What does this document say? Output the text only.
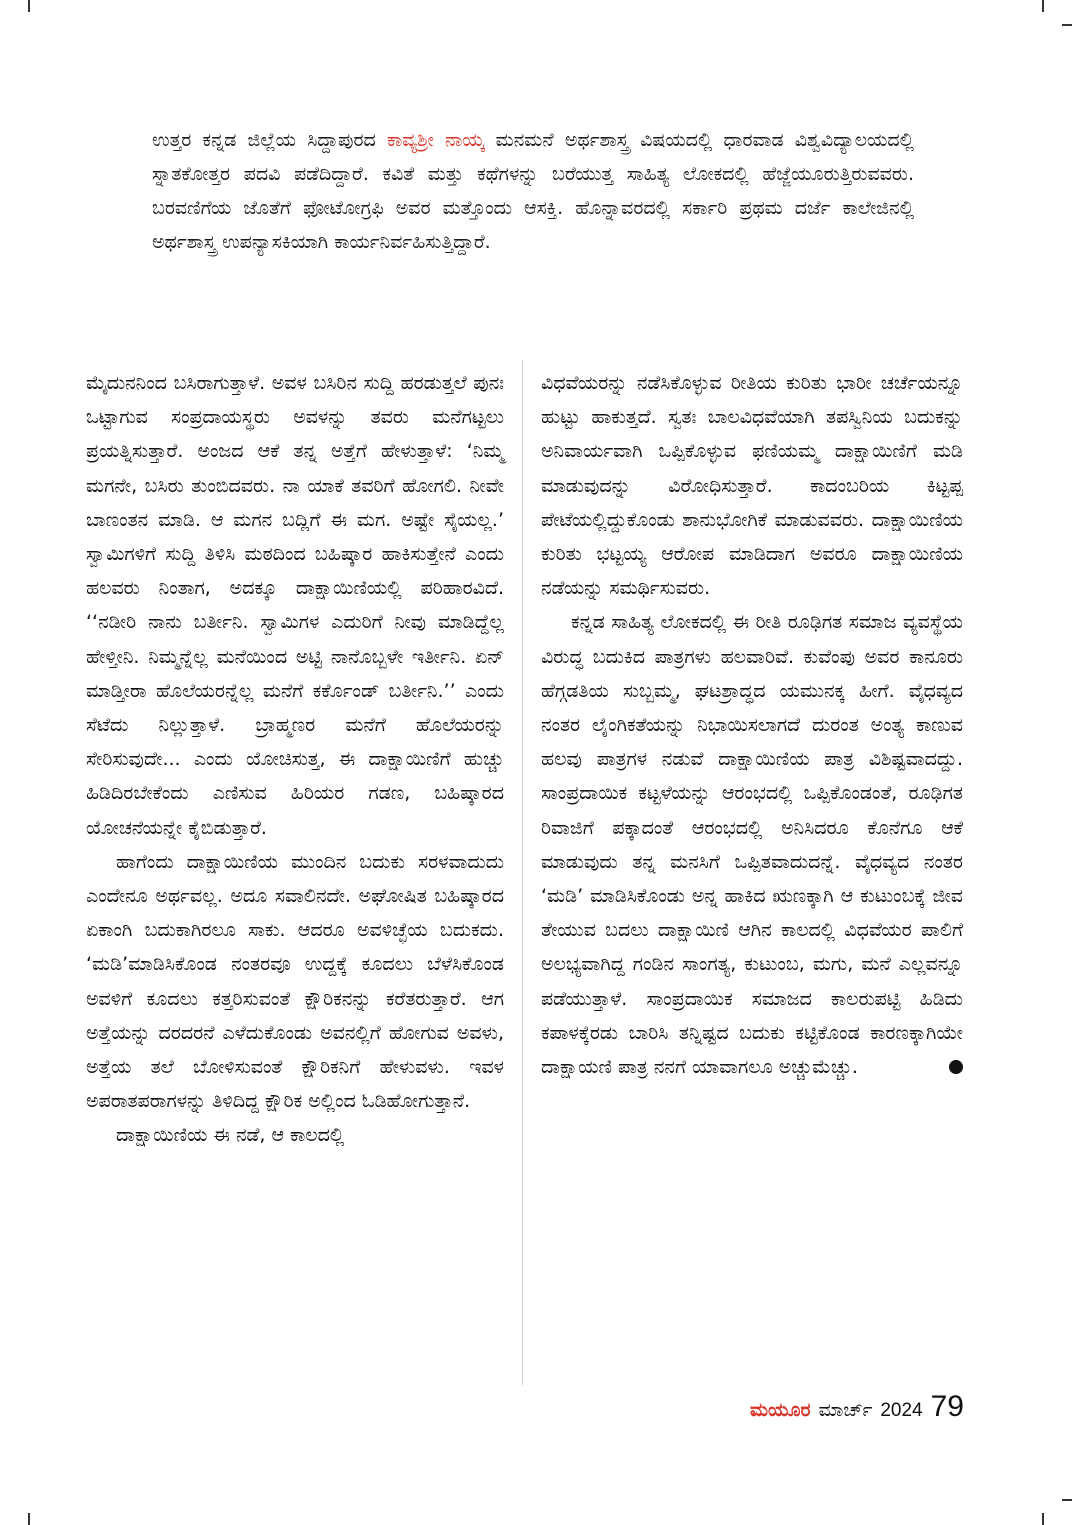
ಉತ್ತರ ಕನ್ನಡ ಜಿಲ್ಲೆಯ ಸಿದ್ದಾಪುರದ ಕಾವ್ಯಶ್ರೀ ನಾಯ್ಕ ಮನಮನೆ ಅರ್ಥಶಾಸ್ತ್ರ ವಿಷಯದಲ್ಲಿ ಧಾರವಾಡ ವಿಶ್ವವಿದ್ಯಾಲಯದಲ್ಲಿ ಸ್ನಾತಕೋತ್ತರ ಪದವಿ ಪಡೆದಿದ್ದಾರೆ. ಕವಿತೆ ಮತ್ತು ಕಥೆಗಳನ್ನು ಬರೆಯುತ್ತ ಸಾಹಿತ್ಯ ಲೋಕದಲ್ಲಿ ಹೆಜ್ಜೆಯೂರುತ್ತಿರುವವರು. ಬರವಣಿಗೆಯ ಜೊತೆಗೆ ಫೋಟೋಗ್ರಫಿ ಅವರ ಮತ್ತೊಂದು ಆಸಕ್ತಿ. ಹೊನ್ನಾವರದಲ್ಲಿ ಸರ್ಕಾರಿ ಪ್ರಥಮ ದರ್ಜೆ ಕಾಲೇಜಿನಲ್ಲಿ ಅರ್ಥಶಾಸ್ತ್ರ ಉಪನ್ಯಾಸಕಿಯಾಗಿ ಕಾರ್ಯನಿರ್ವಹಿಸುತ್ತಿದ್ದಾರೆ.

ಮೈದುನನಿಂದ ಬಸಿರಾಗುತ್ತಾಳೆ. ಅವಳ ಬಸಿರಿನ ಸುದ್ದಿ ಹರಡುತ್ತಲೆ ಪುನಃ ಒಟ್ಟಾಗುವ ಸಂಪ್ರದಾಯಸ್ಥರು ಅವಳನ್ನು ತವರು ಮನೆಗಟ್ಟಲು ಪ್ರಯತ್ನಿಸುತ್ತಾರೆ. ಅಂಜದ ಆಕೆ ತನ್ನ ಅತ್ತೆಗೆ ಹೇಳುತ್ತಾಳೆ: ‘ನಿಮ್ಮ ಮಗನೇ, ಬಸಿರು ತುಂಬಿದವರು. ನಾ ಯಾಕೆ ತವರಿಗೆ ಹೋಗಲಿ. ನೀವೇ ಬಾಣಂತನ ಮಾಡಿ. ಆ ಮಗನ ಬದ್ಲಿಗೆ ಈ ಮಗ. ಅಷ್ಟೇ ಸೈಯಲ್ಲ.’ ಸ್ವಾಮಿಗಳಿಗೆ ಸುದ್ದಿ ತಿಳಿಸಿ ಮಠದಿಂದ ಬಹಿಷ್ಕಾರ ಹಾಕಿಸುತ್ತೇನೆ ಎಂದು ಹಲವರು ನಿಂತಾಗ, ಅದಕ್ಕೂ ದಾಕ್ಷಾಯಿಣಿಯಲ್ಲಿ ಪರಿಹಾರವಿದೆ. ‘‘ನಡೀರಿ ನಾನು ಬರ್ತೀನಿ. ಸ್ವಾಮಿಗಳ ಎದುರಿಗೆ ನೀವು ಮಾಡಿದ್ದೆಲ್ಲ ಹೇಳ್ತೀನಿ. ನಿಮ್ಮನ್ನೆಲ್ಲ ಮನೆಯಿಂದ ಅಟ್ಟಿ ನಾನೊಬ್ಬಳೇ ಇರ್ತೀನಿ. ಏನ್ ಮಾಡ್ತೀರಾ ಹೊಲೆಯರನ್ನೆಲ್ಲ ಮನೆಗೆ ಕರ್ಕೊಂಡ್ ಬರ್ತೀನಿ.’’ ಎಂದು ಸೆಟೆದು ನಿಲ್ಲುತ್ತಾಳೆ. ಬ್ರಾಹ್ಮಣರ ಮನೆಗೆ ಹೊಲೆಯರನ್ನು ಸೇರಿಸುವುದೇ... ಎಂದು ಯೋಚಿಸುತ್ತ, ಈ ದಾಕ್ಷಾಯಿಣಿಗೆ ಹುಚ್ಚು ಹಿಡಿದಿರಬೇಕೆಂದು ಎಣಿಸುವ ಹಿರಿಯರ ಗಡಣ, ಬಹಿಷ್ಕಾರದ ಯೋಚನೆಯನ್ನೇ ಕೈಬಿಡುತ್ತಾರೆ.

ಹಾಗೆಂದು ದಾಕ್ಷಾಯಿಣಿಯ ಮುಂದಿನ ಬದುಕು ಸರಳವಾದುದು ಎಂದೇನೂ ಅರ್ಥವಲ್ಲ. ಅದೂ ಸವಾಲಿನದೇ. ಅಘೋಷಿತ ಬಹಿಷ್ಕಾರದ ಏಕಾಂಗಿ ಬದುಕಾಗಿರಲೂ ಸಾಕು. ಆದರೂ ಅವಳಿಚ್ಛೆಯ ಬದುಕದು. ‘ಮಡಿ’ಮಾಡಿಸಿಕೊಂಡ ನಂತರವೂ ಉದ್ದಕ್ಕೆ ಕೂದಲು ಬೆಳೆಸಿಕೊಂಡ ಅವಳಿಗೆ ಕೂದಲು ಕತ್ತರಿಸುವಂತೆ ಕ್ಷೌರಿಕನನ್ನು ಕರೆತರುತ್ತಾರೆ. ಆಗ ಅತ್ತೆಯನ್ನು ದರದರನೆ ಎಳೆದುಕೊಂಡು ಅವನಲ್ಲಿಗೆ ಹೋಗುವ ಅವಳು, ಅತ್ತೆಯ ತಲೆ ಬೋಳಿಸುವಂತೆ ಕ್ಷೌರಿಕನಿಗೆ ಹೇಳುವಳು. ಇವಳ ಅಪರಾತಪರಾಗಳನ್ನು ತಿಳಿದಿದ್ದ ಕ್ಷೌರಿಕ ಅಲ್ಲಿಂದ ಓಡಿಹೋಗುತ್ತಾನೆ.

ದಾಕ್ಷಾಯಿಣಿಯ ಈ ನಡೆ, ಆ ಕಾಲದಲ್ಲಿ

ವಿಧವೆಯರನ್ನು ನಡೆಸಿಕೊಳ್ಳುವ ರೀತಿಯ ಕುರಿತು ಭಾರೀ ಚರ್ಚೆಯನ್ನೂ ಹುಟ್ಟು ಹಾಕುತ್ತದೆ. ಸ್ವತಃ ಬಾಲವಿಧವೆಯಾಗಿ ತಪಸ್ವಿನಿಯ ಬದುಕನ್ನು ಅನಿವಾರ್ಯವಾಗಿ ಒಪ್ಪಿಕೊಳ್ಳುವ ಫಣಿಯಮ್ಮ ದಾಕ್ಷಾಯಿಣಿಗೆ ಮಡಿ ಮಾಡುವುದನ್ನು ವಿರೋಧಿಸುತ್ತಾರೆ. ಕಾದಂಬರಿಯ ಕಿಟ್ಟಪ್ಪ ಪೇಟೆಯಲ್ಲಿದ್ದುಕೊಂಡು ಶಾನುಭೋಗಿಕೆ ಮಾಡುವವರು. ದಾಕ್ಷಾಯಿಣಿಯ ಕುರಿತು ಭಟ್ಟಯ್ಯ ಆರೋಪ ಮಾಡಿದಾಗ ಅವರೂ ದಾಕ್ಷಾಯಿಣಿಯ ನಡೆಯನ್ನು ಸಮರ್ಥಿಸುವರು.

ಕನ್ನಡ ಸಾಹಿತ್ಯ ಲೋಕದಲ್ಲಿ ಈ ರೀತಿ ರೂಢಿಗತ ಸಮಾಜ ವ್ಯವಸ್ಥೆಯ ವಿರುದ್ಧ ಬದುಕಿದ ಪಾತ್ರಗಳು ಹಲವಾರಿವೆ. ಕುವೆಂಪು ಅವರ ಕಾನೂರು ಹೆಗ್ಗಡತಿಯ ಸುಬ್ಬಮ್ಮ, ಘಟಶ್ರಾದ್ಧದ ಯಮುನಕ್ಕ ಹೀಗೆ. ವೈಧವ್ಯದ ನಂತರ ಲೈಂಗಿಕತೆಯನ್ನು ನಿಭಾಯಿಸಲಾಗದೆ ದುರಂತ ಅಂತ್ಯ ಕಾಣುವ ಹಲವು ಪಾತ್ರಗಳ ನಡುವೆ ದಾಕ್ಷಾಯಿಣಿಯ ಪಾತ್ರ ವಿಶಿಷ್ಟವಾದದ್ದು. ಸಾಂಪ್ರದಾಯಿಕ ಕಟ್ಟಳೆಯನ್ನು ಆರಂಭದಲ್ಲಿ ಒಪ್ಪಿಕೊಂಡಂತೆ, ರೂಢಿಗತ ರಿವಾಜಿಗೆ ಪಕ್ಕಾದಂತೆ ಆರಂಭದಲ್ಲಿ ಅನಿಸಿದರೂ ಕೊನೆಗೂ ಆಕೆ ಮಾಡುವುದು ತನ್ನ ಮನಸಿಗೆ ಒಪ್ಪಿತವಾದುದನ್ನೆ. ವೈಧವ್ಯದ ನಂತರ ‘ಮಡಿ’ ಮಾಡಿಸಿಕೊಂಡು ಅನ್ನ ಹಾಕಿದ ಋಣಕ್ಕಾಗಿ ಆ ಕುಟುಂಬಕ್ಕೆ ಜೀವ ತೇಯುವ ಬದಲು ದಾಕ್ಷಾಯಿಣಿ ಆಗಿನ ಕಾಲದಲ್ಲಿ ವಿಧವೆಯರ ಪಾಲಿಗೆ ಅಲಭ್ಯವಾಗಿದ್ದ ಗಂಡಿನ ಸಾಂಗತ್ಯ, ಕುಟುಂಬ, ಮಗು, ಮನೆ ಎಲ್ಲವನ್ನೂ ಪಡೆಯುತ್ತಾಳೆ. ಸಾಂಪ್ರದಾಯಿಕ ಸಮಾಜದ ಕಾಲರುಪಟ್ಟಿ ಹಿಡಿದು ಕಪಾಳಕ್ಕೆರಡು ಬಾರಿಸಿ ತನ್ನಿಷ್ಟದ ಬದುಕು ಕಟ್ಟಿಕೊಂಡ ಕಾರಣಕ್ಕಾಗಿಯೇ ದಾಕ್ಷಾಯಣಿ ಪಾತ್ರ ನನಗೆ ಯಾವಾಗಲೂ ಅಚ್ಚುಮೆಚ್ಚು.

ಮಯೂರ ಮಾರ್ಚ್ 2024 79
